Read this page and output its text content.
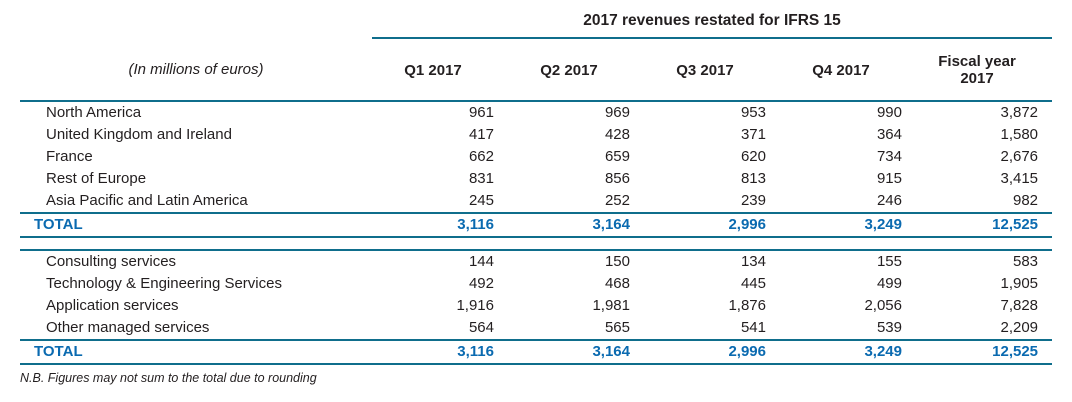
	2017 revenues restated for IFRS 15				
(In millions of euros)	Q1 2017	Q2 2017	Q3 2017	Q4 2017	Fiscal year
2017
North America	961	969	953	990	3,872
United Kingdom and Ireland	417	428	371	364	1,580
France	662	659	620	734	2,676
Rest of Europe	831	856	813	915	3,415
Asia Pacific and Latin America	245	252	239	246	982
TOTAL	3,116	3,164	2,996	3,249	12,525

Consulting services	144	150	134	155	583
Technology & Engineering Services	492	468	445	499	1,905
Application services	1,916	1,981	1,876	2,056	7,828
Other managed services	564	565	541	539	2,209
TOTAL	3,116	3,164	2,996	3,249	12,525
N.B. Figures may not sum to the total due to rounding
